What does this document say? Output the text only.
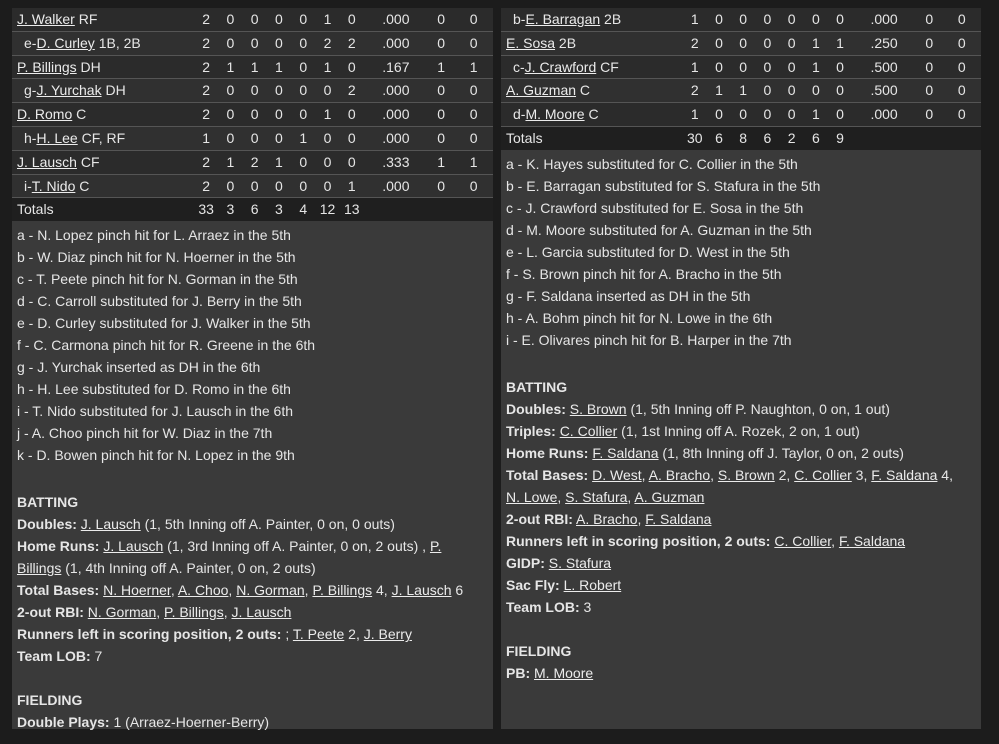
J. Walker RF	2	0	0	0	0	1	0	.000	0	0
e-D. Curley 1B, 2B	2	0	0	0	0	2	2	.000	0	0
P. Billings DH	2	1	1	1	0	1	0	.167	1	1
g-J. Yurchak DH	2	0	0	0	0	0	2	.000	0	0
D. Romo C	2	0	0	0	0	1	0	.000	0	0
h-H. Lee CF, RF	1	0	0	0	1	0	0	.000	0	0
J. Lausch CF	2	1	2	1	0	0	0	.333	1	1
i-T. Nido C	2	0	0	0	0	0	1	.000	0	0
Totals	33	3	6	3	4	12	13			
a - N. Lopez pinch hit for L. Arraez in the 5th
b - W. Diaz pinch hit for N. Hoerner in the 5th
c - T. Peete pinch hit for N. Gorman in the 5th
d - C. Carroll substituted for J. Berry in the 5th
e - D. Curley substituted for J. Walker in the 5th
f - C. Carmona pinch hit for R. Greene in the 6th
g - J. Yurchak inserted as DH in the 6th
h - H. Lee substituted for D. Romo in the 6th
i - T. Nido substituted for J. Lausch in the 6th
j - A. Choo pinch hit for W. Diaz in the 7th
k - D. Bowen pinch hit for N. Lopez in the 9th
BATTING
Doubles: J. Lausch (1, 5th Inning off A. Painter, 0 on, 0 outs)
Home Runs: J. Lausch (1, 3rd Inning off A. Painter, 0 on, 2 outs) , P.
Billings (1, 4th Inning off A. Painter, 0 on, 2 outs)
Total Bases: N. Hoerner, A. Choo, N. Gorman, P. Billings 4, J. Lausch 6
2-out RBI: N. Gorman, P. Billings, J. Lausch
Runners left in scoring position, 2 outs: ; T. Peete 2, J. Berry
Team LOB: 7
FIELDING
Double Plays: 1 (Arraez-Hoerner-Berry)
b-E. Barragan 2B	1	0	0	0	0	0	0	.000	0	0
E. Sosa 2B	2	0	0	0	0	1	1	.250	0	0
c-J. Crawford CF	1	0	0	0	0	1	0	.500	0	0
A. Guzman C	2	1	1	0	0	0	0	.500	0	0
d-M. Moore C	1	0	0	0	0	1	0	.000	0	0
Totals	30	6	8	6	2	6	9			
a - K. Hayes substituted for C. Collier in the 5th
b - E. Barragan substituted for S. Stafura in the 5th
c - J. Crawford substituted for E. Sosa in the 5th
d - M. Moore substituted for A. Guzman in the 5th
e - L. Garcia substituted for D. West in the 5th
f - S. Brown pinch hit for A. Bracho in the 5th
g - F. Saldana inserted as DH in the 5th
h - A. Bohm pinch hit for N. Lowe in the 6th
i - E. Olivares pinch hit for B. Harper in the 7th
BATTING
Doubles: S. Brown (1, 5th Inning off P. Naughton, 0 on, 1 out)
Triples: C. Collier (1, 1st Inning off A. Rozek, 2 on, 1 out)
Home Runs: F. Saldana (1, 8th Inning off J. Taylor, 0 on, 2 outs)
Total Bases: D. West, A. Bracho, S. Brown 2, C. Collier 3, F. Saldana 4,
N. Lowe, S. Stafura, A. Guzman
2-out RBI: A. Bracho, F. Saldana
Runners left in scoring position, 2 outs: C. Collier, F. Saldana
GIDP: S. Stafura
Sac Fly: L. Robert
Team LOB: 3
FIELDING
PB: M. Moore
